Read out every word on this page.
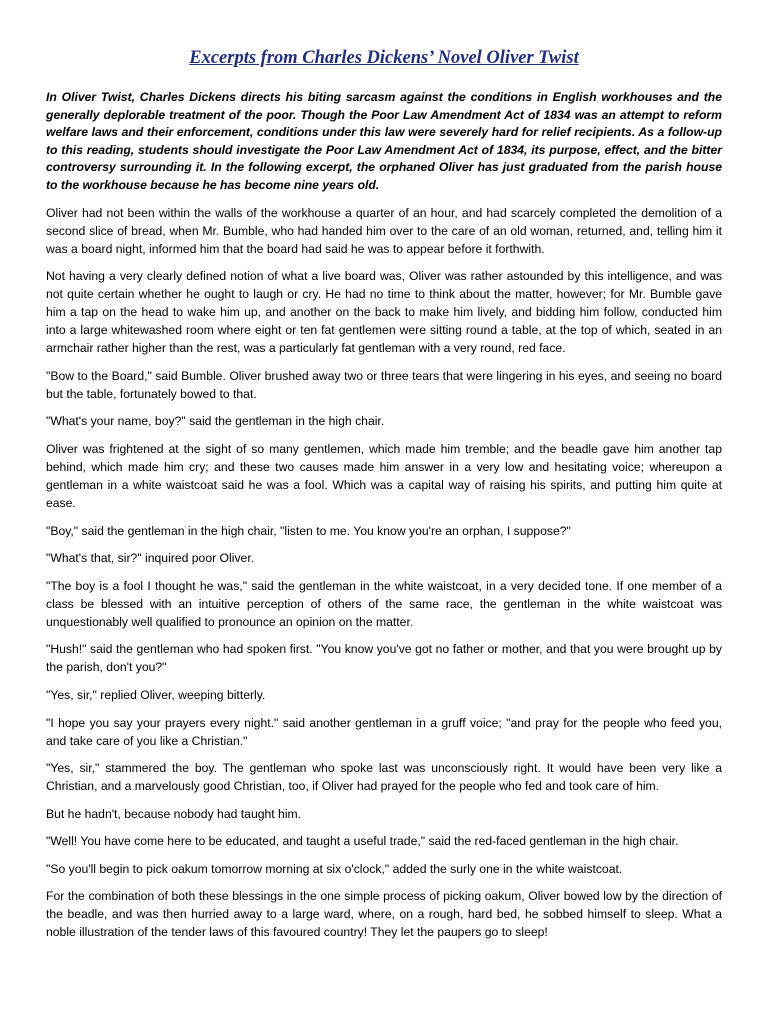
Excerpts from Charles Dickens’ Novel Oliver Twist

In Oliver Twist, Charles Dickens directs his biting sarcasm against the conditions in English workhouses and the generally deplorable treatment of the poor. Though the Poor Law Amendment Act of 1834 was an attempt to reform welfare laws and their enforcement, conditions under this law were severely hard for relief recipients. As a follow-up to this reading, students should investigate the Poor Law Amendment Act of 1834, its purpose, effect, and the bitter controversy surrounding it. In the following excerpt, the orphaned Oliver has just graduated from the parish house to the workhouse because he has become nine years old.

Oliver had not been within the walls of the workhouse a quarter of an hour, and had scarcely completed the demolition of a second slice of bread, when Mr. Bumble, who had handed him over to the care of an old woman, returned, and, telling him it was a board night, informed him that the board had said he was to appear before it forthwith.

Not having a very clearly defined notion of what a live board was, Oliver was rather astounded by this intelligence, and was not quite certain whether he ought to laugh or cry. He had no time to think about the matter, however; for Mr. Bumble gave him a tap on the head to wake him up, and another on the back to make him lively, and bidding him follow, conducted him into a large whitewashed room where eight or ten fat gentlemen were sitting round a table, at the top of which, seated in an armchair rather higher than the rest, was a particularly fat gentleman with a very round, red face.

"Bow to the Board," said Bumble. Oliver brushed away two or three tears that were lingering in his eyes, and seeing no board but the table, fortunately bowed to that.

"What's your name, boy?" said the gentleman in the high chair.

Oliver was frightened at the sight of so many gentlemen, which made him tremble; and the beadle gave him another tap behind, which made him cry; and these two causes made him answer in a very low and hesitating voice; whereupon a gentleman in a white waistcoat said he was a fool. Which was a capital way of raising his spirits, and putting him quite at ease.

"Boy," said the gentleman in the high chair, "listen to me. You know you're an orphan, I suppose?"

"What's that, sir?" inquired poor Oliver.

"The boy is a fool I thought he was," said the gentleman in the white waistcoat, in a very decided tone. If one member of a class be blessed with an intuitive perception of others of the same race, the gentleman in the white waistcoat was unquestionably well qualified to pronounce an opinion on the matter.

"Hush!" said the gentleman who had spoken first. "You know you've got no father or mother, and that you were brought up by the parish, don't you?"

"Yes, sir," replied Oliver, weeping bitterly.

"I hope you say your prayers every night." said another gentleman in a gruff voice; "and pray for the people who feed you, and take care of you like a Christian."

"Yes, sir," stammered the boy. The gentleman who spoke last was unconsciously right. It would have been very like a Christian, and a marvelously good Christian, too, if Oliver had prayed for the people who fed and took care of him.

But he hadn't, because nobody had taught him.

"Well! You have come here to be educated, and taught a useful trade," said the red-faced gentleman in the high chair.

"So you'll begin to pick oakum tomorrow morning at six o'clock," added the surly one in the white waistcoat.

For the combination of both these blessings in the one simple process of picking oakum, Oliver bowed low by the direction of the beadle, and was then hurried away to a large ward, where, on a rough, hard bed, he sobbed himself to sleep. What a noble illustration of the tender laws of this favoured country! They let the paupers go to sleep!
